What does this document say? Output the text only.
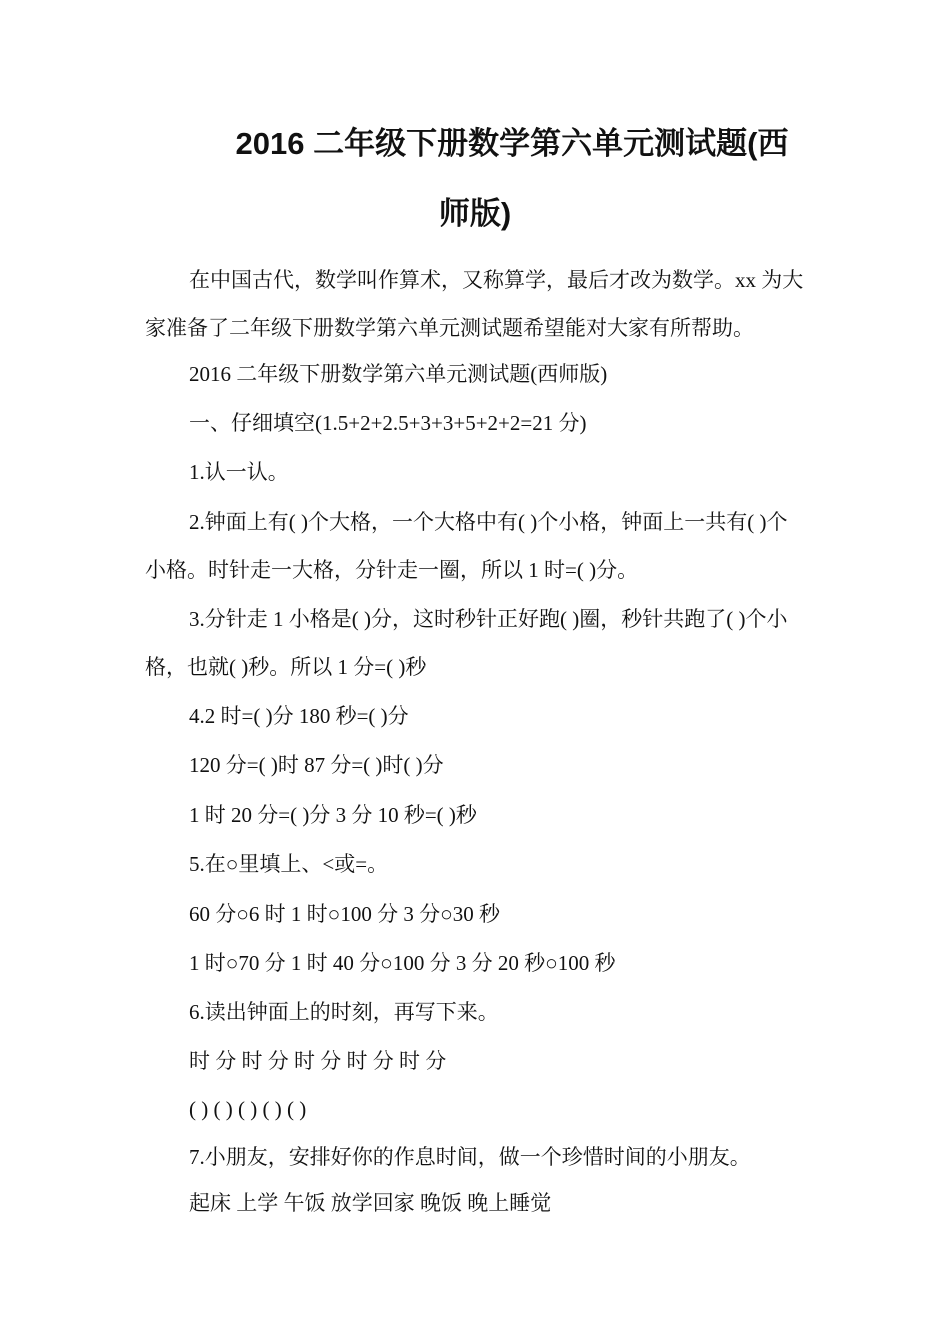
2016 二年级下册数学第六单元测试题(西
师版)
在中国古代，数学叫作算术，又称算学，最后才改为数学。xx 为大
家准备了二年级下册数学第六单元测试题希望能对大家有所帮助。
2016 二年级下册数学第六单元测试题(西师版)
一、仔细填空(1.5+2+2.5+3+3+5+2+2=21 分)
1.认一认。
2.钟面上有( )个大格，一个大格中有( )个小格，钟面上一共有( )个
小格。时针走一大格，分针走一圈，所以 1 时=( )分。
3.分针走 1 小格是( )分，这时秒针正好跑( )圈，秒针共跑了( )个小
格，也就( )秒。所以 1 分=( )秒
4.2 时=( )分 180 秒=( )分
120 分=( )时 87 分=( )时( )分
1 时 20 分=( )分 3 分 10 秒=( )秒
5.在○里填上、<或=。
60 分○6 时 1 时○100 分 3 分○30 秒
1 时○70 分 1 时 40 分○100 分 3 分 20 秒○100 秒
6.读出钟面上的时刻，再写下来。
时 分 时 分 时 分 时 分 时 分
( ) ( ) ( ) ( ) ( )
7.小朋友，安排好你的作息时间，做一个珍惜时间的小朋友。
起床 上学 午饭 放学回家 晚饭 晚上睡觉
